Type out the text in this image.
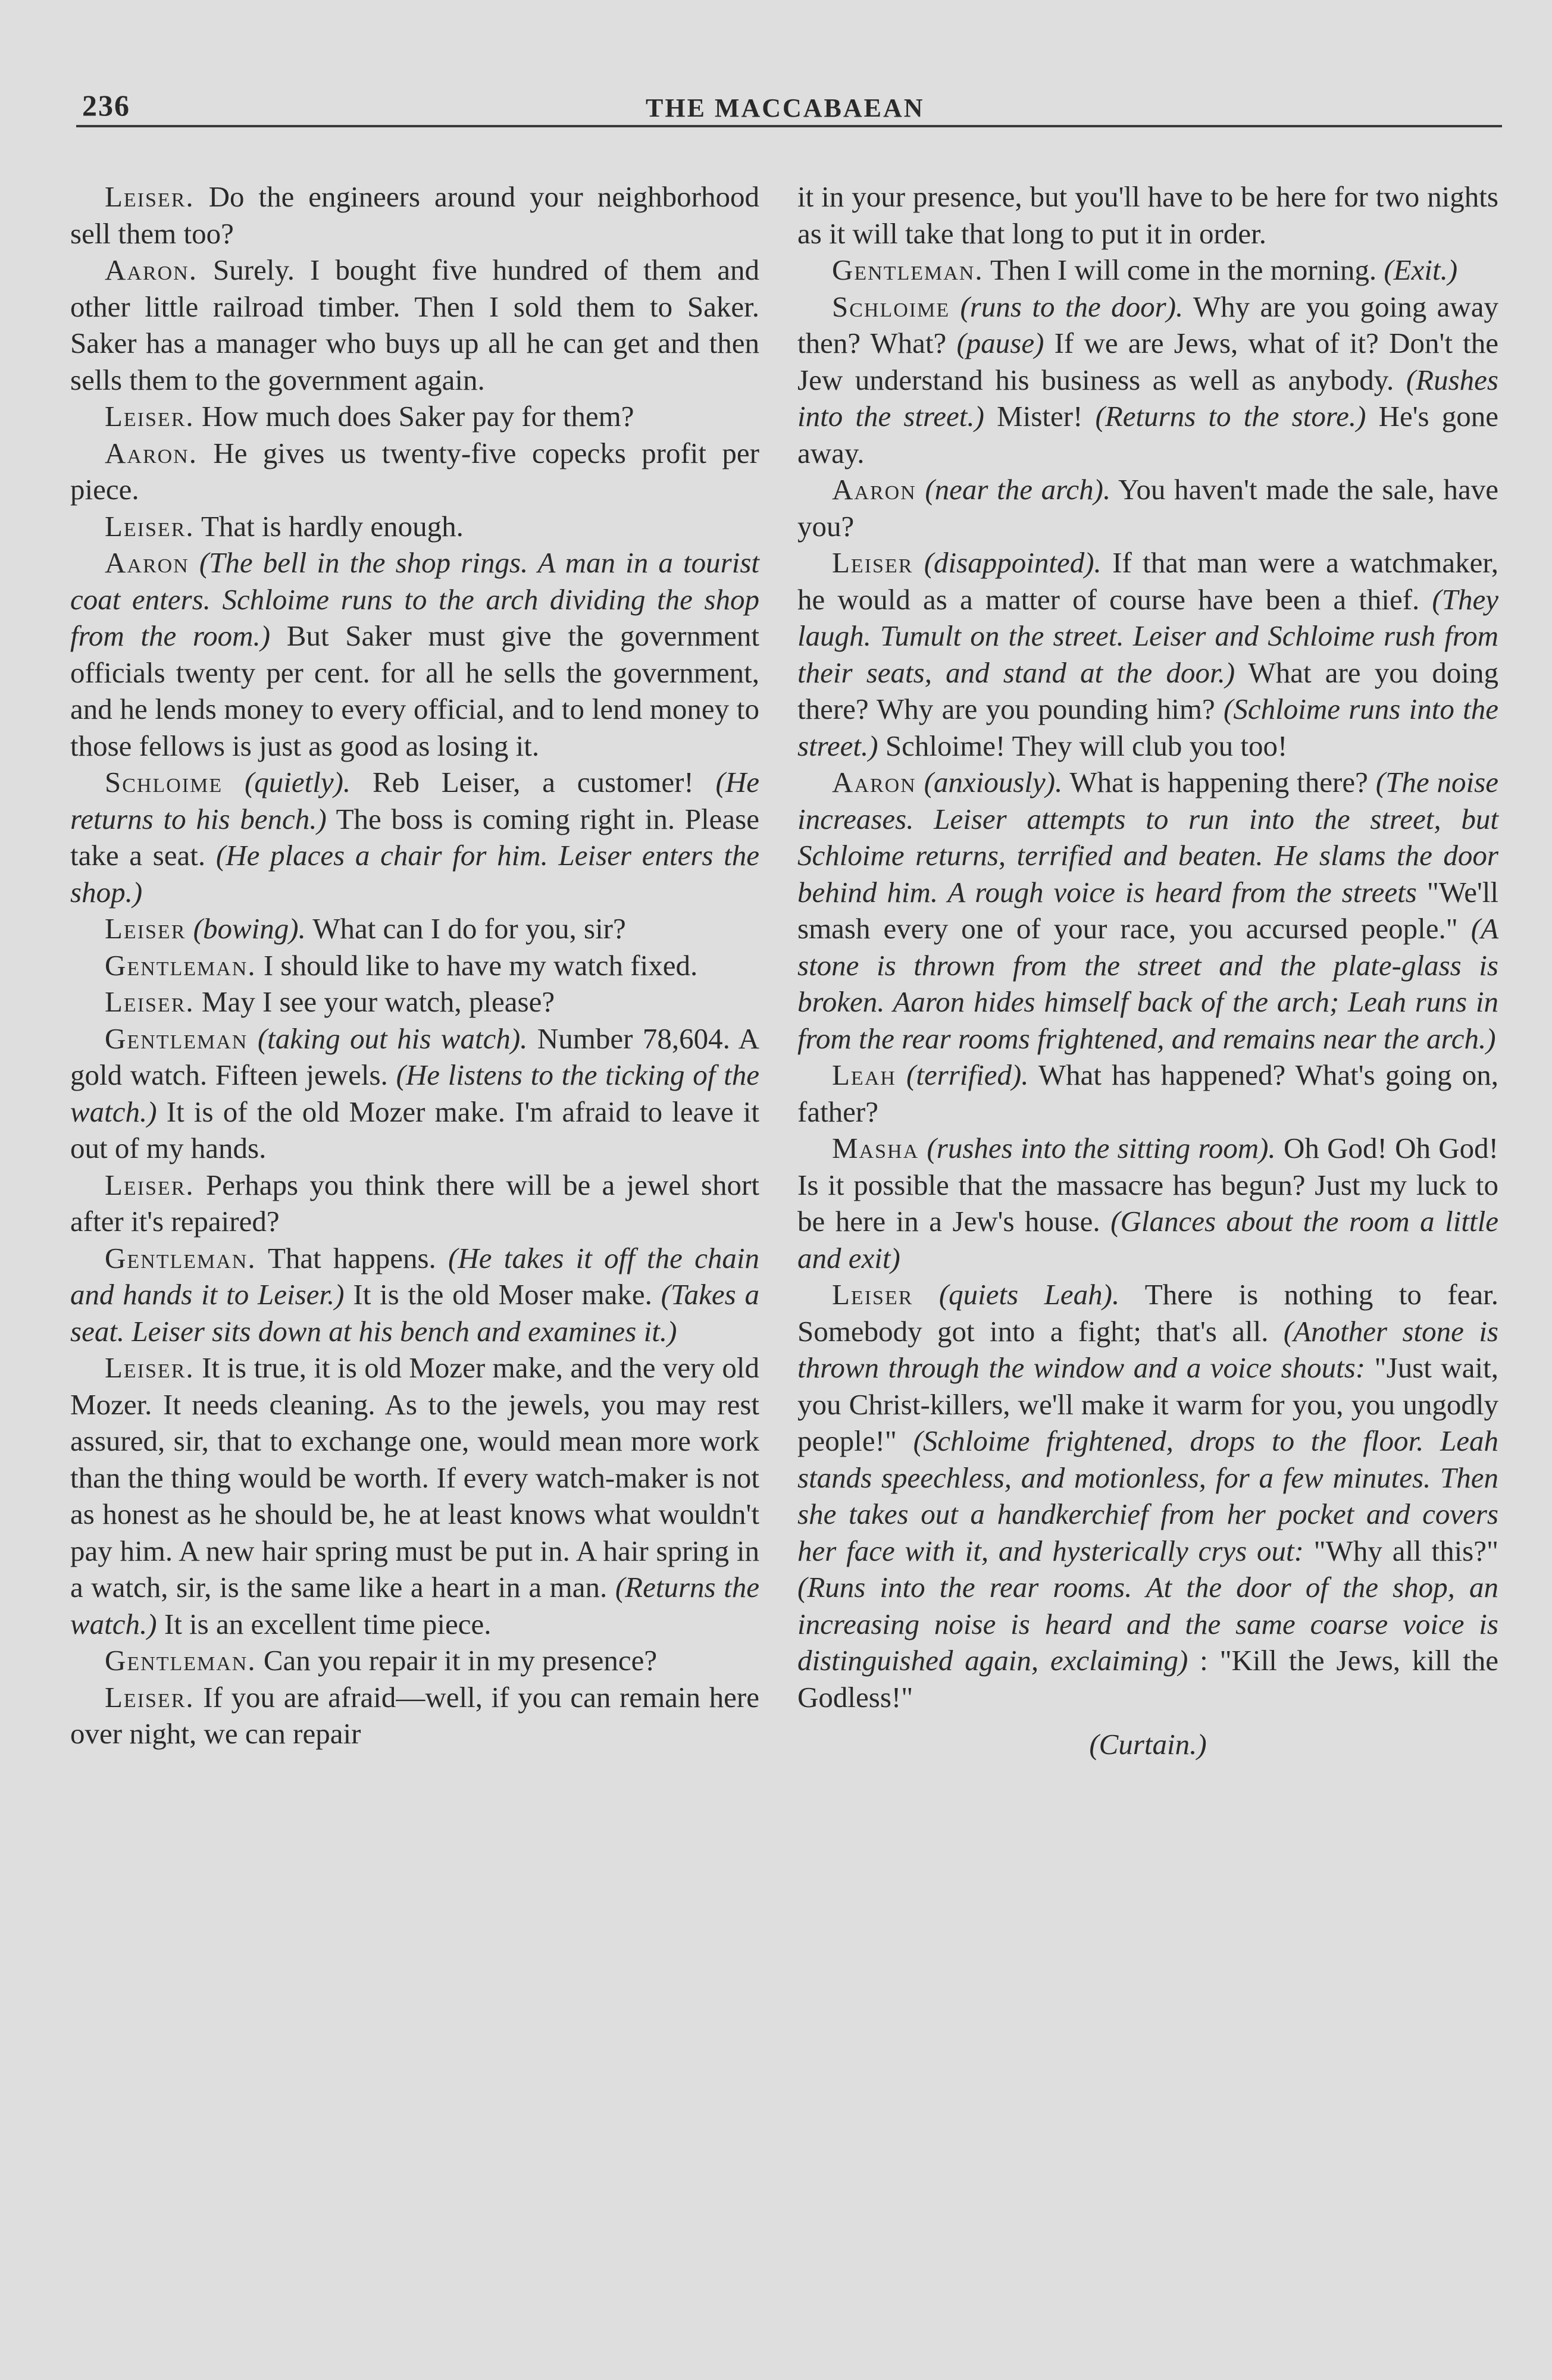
236	THE MACCABAEAN

Leiser. Do the engineers around your neighborhood sell them too?

Aaron. Surely. I bought five hundred of them and other little railroad timber. Then I sold them to Saker. Saker has a manager who buys up all he can get and then sells them to the government again.

Leiser. How much does Saker pay for them?

Aaron. He gives us twenty-five copecks profit per piece.

Leiser. That is hardly enough.

Aaron (The bell in the shop rings. A man in a tourist coat enters. Schloime runs to the arch dividing the shop from the room.) But Saker must give the government officials twenty per cent. for all he sells the government, and he lends money to every official, and to lend money to those fellows is just as good as losing it.

Schloime (quietly). Reb Leiser, a customer! (He returns to his bench.) The boss is coming right in. Please take a seat. (He places a chair for him. Leiser enters the shop.)

Leiser (bowing). What can I do for you, sir?

Gentleman. I should like to have my watch fixed.

Leiser. May I see your watch, please?

Gentleman (taking out his watch). Number 78,604. A gold watch. Fifteen jewels. (He listens to the ticking of the watch.) It is of the old Mozer make. I'm afraid to leave it out of my hands.

Leiser. Perhaps you think there will be a jewel short after it's repaired?

Gentleman. That happens. (He takes it off the chain and hands it to Leiser.) It is the old Moser make. (Takes a seat. Leiser sits down at his bench and examines it.)

Leiser. It is true, it is old Mozer make, and the very old Mozer. It needs cleaning. As to the jewels, you may rest assured, sir, that to exchange one, would mean more work than the thing would be worth. If every watch-maker is not as honest as he should be, he at least knows what wouldn't pay him. A new hair spring must be put in. A hair spring in a watch, sir, is the same like a heart in a man. (Returns the watch.) It is an excellent time piece.

Gentleman. Can you repair it in my presence?

Leiser. If you are afraid—well, if you can remain here over night, we can repair

it in your presence, but you'll have to be here for two nights as it will take that long to put it in order.

Gentleman. Then I will come in the morning. (Exit.)

Schloime (runs to the door). Why are you going away then? What? (pause) If we are Jews, what of it? Don't the Jew understand his business as well as anybody. (Rushes into the street.) Mister! (Returns to the store.) He's gone away.

Aaron (near the arch). You haven't made the sale, have you?

Leiser (disappointed). If that man were a watchmaker, he would as a matter of course have been a thief. (They laugh. Tumult on the street. Leiser and Schloime rush from their seats, and stand at the door.) What are you doing there? Why are you pounding him? (Schloime runs into the street.) Schloime! They will club you too!

Aaron (anxiously). What is happening there? (The noise increases. Leiser attempts to run into the street, but Schloime returns, terrified and beaten. He slams the door behind him. A rough voice is heard from the streets "We'll smash every one of your race, you accursed people." (A stone is thrown from the street and the plate-glass is broken. Aaron hides himself back of the arch; Leah runs in from the rear rooms frightened, and remains near the arch.)

Leah (terrified). What has happened? What's going on, father?

Masha (rushes into the sitting room). Oh God! Oh God! Is it possible that the massacre has begun? Just my luck to be here in a Jew's house. (Glances about the room a little and exit)

Leiser (quiets Leah). There is nothing to fear. Somebody got into a fight; that's all. (Another stone is thrown through the window and a voice shouts: "Just wait, you Christ-killers, we'll make it warm for you, you ungodly people!" (Schloime frightened, drops to the floor. Leah stands speechless, and motionless, for a few minutes. Then she takes out a handkerchief from her pocket and covers her face with it, and hysterically crys out: "Why all this?" (Runs into the rear rooms. At the door of the shop, an increasing noise is heard and the same coarse voice is distinguished again, exclaiming) : "Kill the Jews, kill the Godless!"

(Curtain.)
